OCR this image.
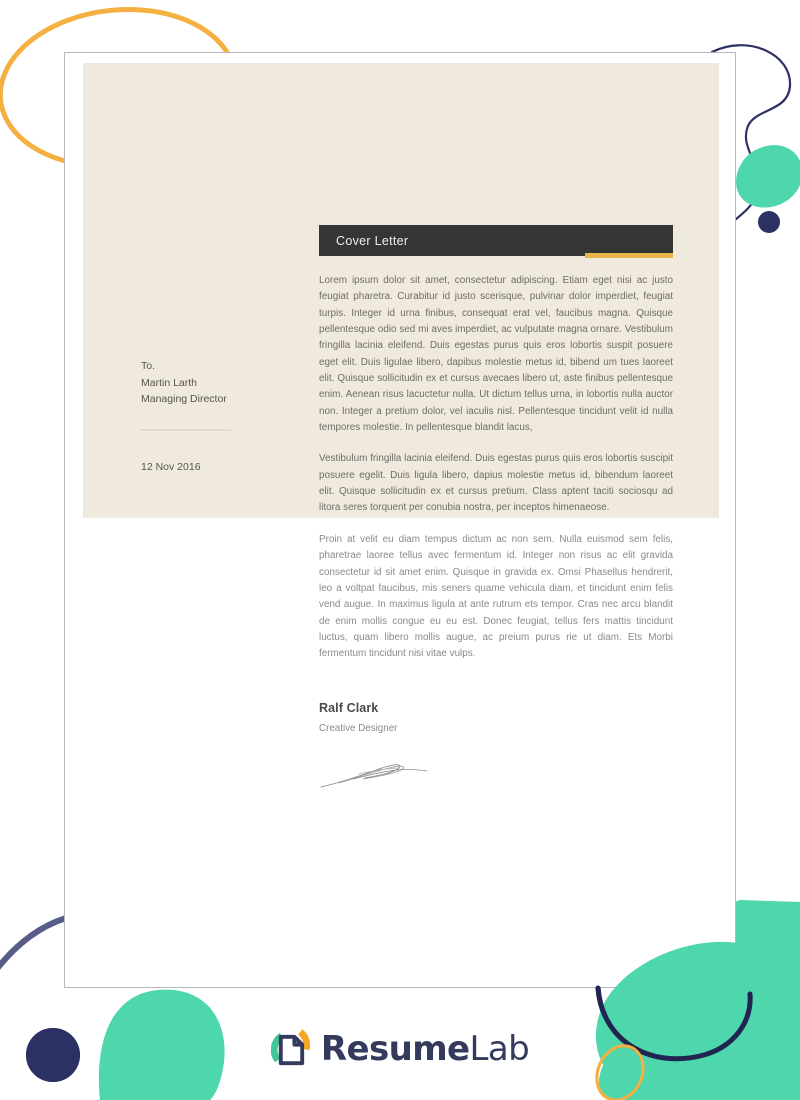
Cover Letter
To.
Martin Larth
Managing Director
12 Nov 2016

Lorem ipsum dolor sit amet, consectetur adipiscing. Etiam eget nisi ac justo feugiat pharetra. Curabitur id justo scerisque, pulvinar dolor imperdiet, feugiat turpis. Integer id urna finibus, consequat erat vel, faucibus magna. Quisque pellentesque odio sed mi aves imperdiet, ac vulputate magna ornare. Vestibulum fringilla lacinia eleifend. Duis egestas purus quis eros lobortis suspit posuere eget elit. Duis ligulae libero, dapibus molestie metus id, bibend um tues laoreet elit. Quisque sollicitudin ex et cursus avecaes libero ut, aste finibus pellentesque enim. Aenean risus lacuctetur nulla. Ut dictum tellus urna, in lobortis nulla auctor non. Integer a pretium dolor, vel iaculis nisl. Pellentesque tincidunt velit id nulla tempores molestie. In pellentesque blandit lacus,

Vestibulum fringilla lacinia eleifend. Duis egestas purus quis eros lobortis suscipit posuere egelit. Duis ligula libero, dapius molestie metus id, bibendum laoreet elit. Quisque sollicitudin ex et cursus pretium. Class aptent taciti sociosqu ad litora seres torquent per conubia nostra, per inceptos himenaeose.

Proin at velit eu diam tempus dictum ac non sem. Nulla euismod sem felis, pharetrae laoree tellus avec fermentum id. Integer non risus ac elit gravida consectetur id sit amet enim. Quisque in gravida ex. Omsi Phasellus hendrerit, leo a voltpat faucibus, mis seners quame vehicula diam, et tincidunt enim felis vend augue. In maximus ligula at ante rutrum ets tempor. Cras nec arcu blandit de enim mollis congue eu eu est. Donec feugiat, tellus fers mattis tincidunt luctus, quam libero mollis augue, ac preium purus rie ut diam. Ets Morbi fermentum tincidunt nisi vitae vulps.

Ralf Clark
Creative Designer
Resume Lab
